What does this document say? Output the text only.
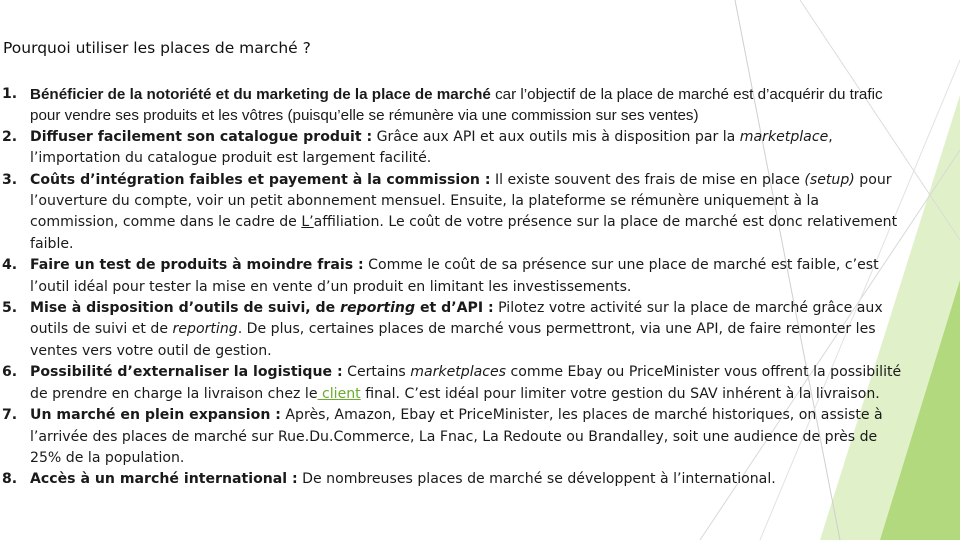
Pourquoi utiliser les places de marché ?
1. Bénéficier de la notoriété et du marketing de la place de marché car l’objectif de la place de marché est d’acquérir du trafic pour vendre ses produits et les vôtres (puisqu’elle se rémunère via une commission sur ses ventes)
2. Diffuser facilement son catalogue produit : Grâce aux API et aux outils mis à disposition par la marketplace, l’importation du catalogue produit est largement facilité.
3. Coûts d’intégration faibles et payement à la commission : Il existe souvent des frais de mise en place (setup) pour l’ouverture du compte, voir un petit abonnement mensuel. Ensuite, la plateforme se rémunère uniquement à la commission, comme dans le cadre de L’affiliation. Le coût de votre présence sur la place de marché est donc relativement faible.
4. Faire un test de produits à moindre frais : Comme le coût de sa présence sur une place de marché est faible, c’est l’outil idéal pour tester la mise en vente d’un produit en limitant les investissements.
5. Mise à disposition d’outils de suivi, de reporting et d’API : Pilotez votre activité sur la place de marché grâce aux outils de suivi et de reporting. De plus, certaines places de marché vous permettront, via une API, de faire remonter les ventes vers votre outil de gestion.
6. Possibilité d’externaliser la logistique : Certains marketplaces comme Ebay ou PriceMinister vous offrent la possibilité de prendre en charge la livraison chez le client final. C’est idéal pour limiter votre gestion du SAV inhérent à la livraison.
7. Un marché en plein expansion : Après, Amazon, Ebay et PriceMinister, les places de marché historiques, on assiste à l’arrivée des places de marché sur Rue.Du.Commerce, La Fnac, La Redoute ou Brandalley, soit une audience de près de 25% de la population.
8. Accès à un marché international : De nombreuses places de marché se développent à l’international.
